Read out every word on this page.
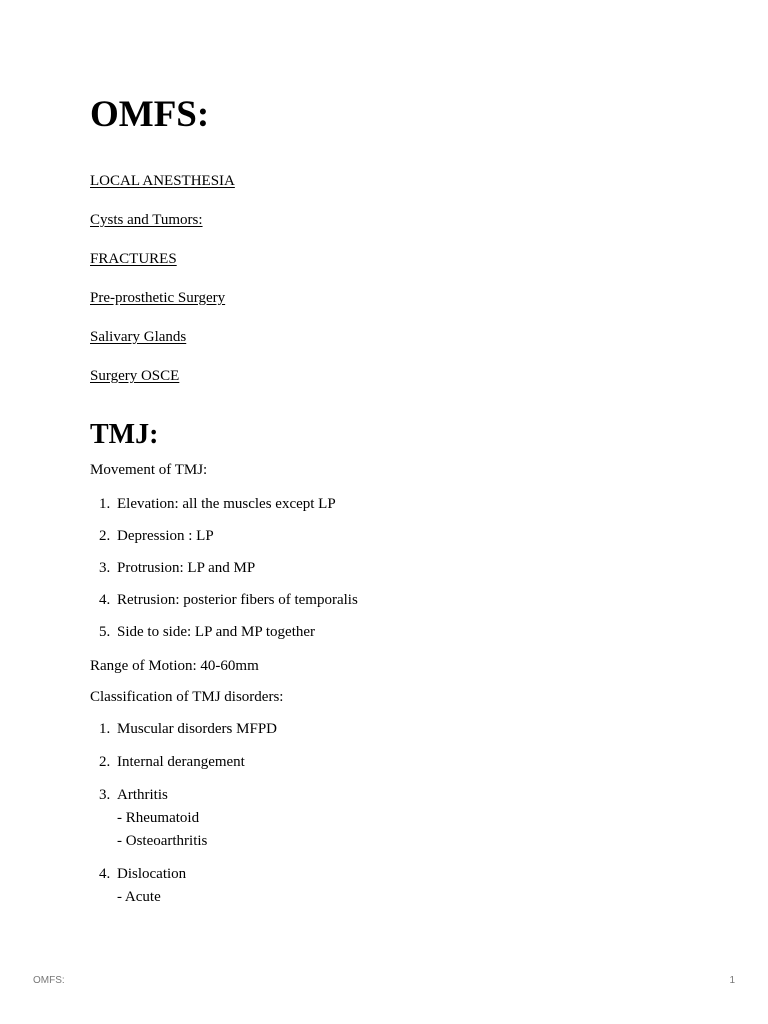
OMFS:
LOCAL ANESTHESIA
Cysts and Tumors:
FRACTURES
Pre-prosthetic Surgery
Salivary Glands
Surgery OSCE
TMJ:

Movement of TMJ:

1. Elevation: all the muscles except LP
2. Depression : LP
3. Protrusion: LP and MP
4. Retrusion: posterior fibers of temporalis
5. Side to side: LP and MP together

Range of Motion: 40-60mm

Classification of TMJ disorders:

1. Muscular disorders MFPD
2. Internal derangement
3. Arthritis
- Rheumatoid
- Osteoarthritis
4. Dislocation
- Acute
OMFS:	1
